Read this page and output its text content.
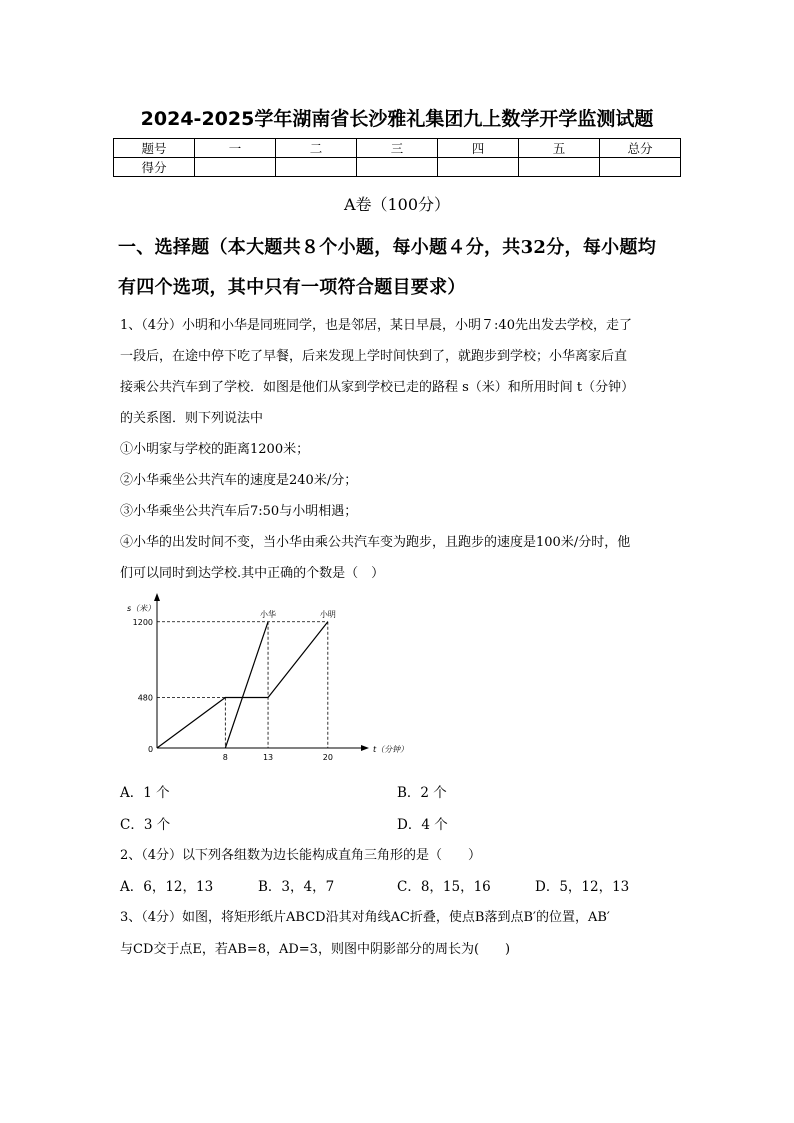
2024-2025学年湖南省长沙雅礼集团九上数学开学监测试题
题号	一	二	三	四	五	总分
得分						
A卷（100分）
一、选择题（本大题共８个小题，每小题４分，共32分，每小题均
有四个选项，其中只有一项符合题目要求）
1、（4分）小明和小华是同班同学，也是邻居，某日早晨，小明７:40先出发去学校，走了
一段后，在途中停下吃了早餐，后来发现上学时间快到了，就跑步到学校；小华离家后直
接乘公共汽车到了学校．如图是他们从家到学校已走的路程 s（米）和所用时间 t（分钟）
的关系图．则下列说法中
①小明家与学校的距离1200米；
②小华乘坐公共汽车的速度是240米/分；
③小华乘坐公共汽车后7:50与小明相遇；
④小华的出发时间不变，当小华由乘公共汽车变为跑步，且跑步的速度是100米/分时，他
们可以同时到达学校.其中正确的个数是（　）
t（分钟）
s（米）
0
480
1200
8	13	20
小明
小华
A．1 个	B．2 个
C．3 个	D．4 个
2、（4分）以下列各组数为边长能构成直角三角形的是（　　）
A．6，12，13	B．3，4，7	C．8，15，16	D．5，12，13
3、（4分）如图，将矩形纸片ABCD沿其对角线AC折叠，使点B落到点B′的位置，AB′
与CD交于点E，若AB=8，AD=3，则图中阴影部分的周长为(　　)
